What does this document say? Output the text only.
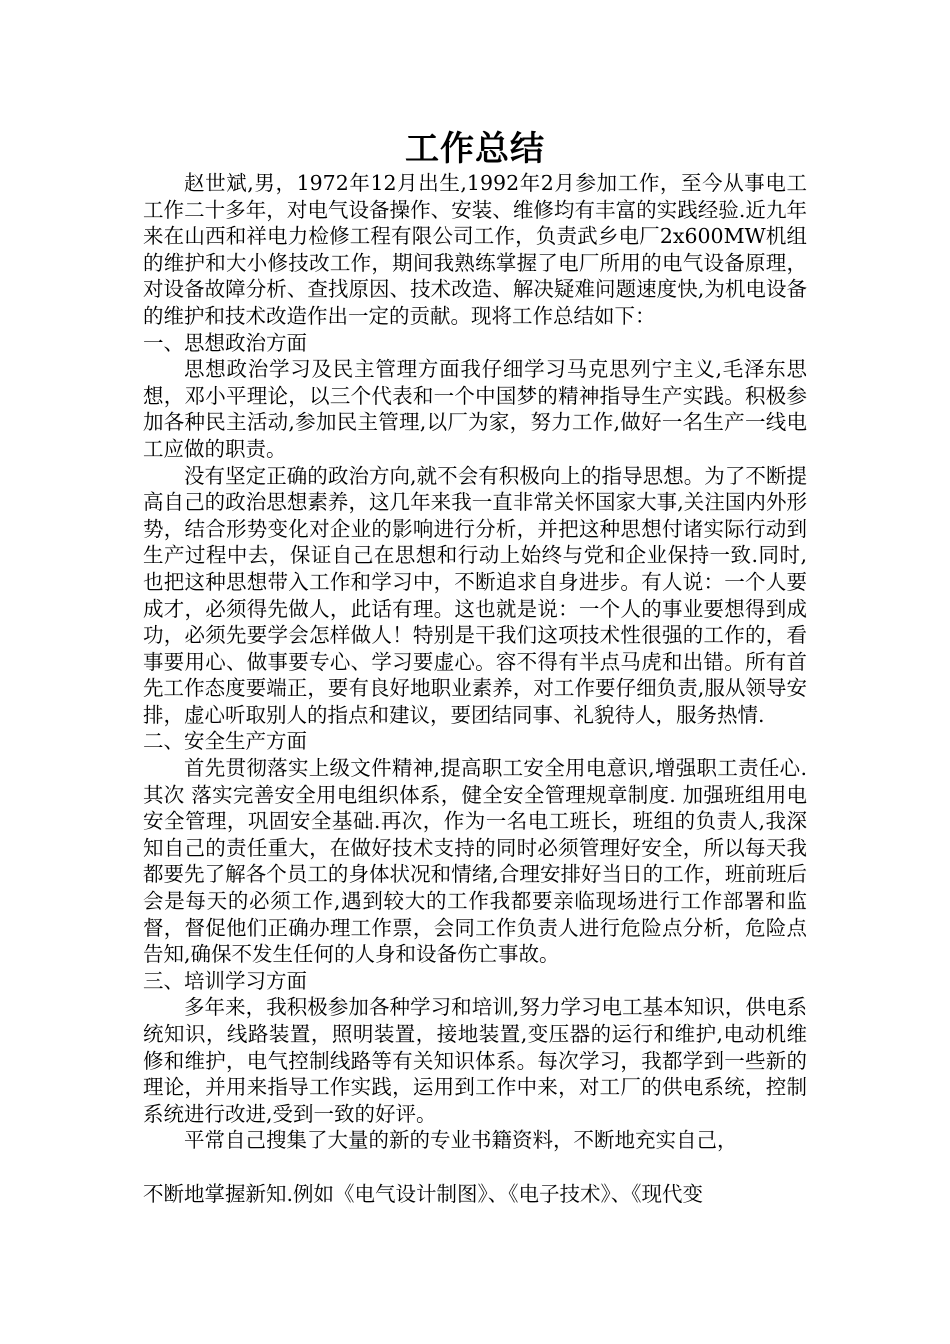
工作总结

赵世斌,男，1972年12月出生,1992年2月参加工作，至今从事电工工作二十多年，对电气设备操作、安装、维修均有丰富的实践经验.近九年来在山西和祥电力检修工程有限公司工作，负责武乡电厂2x600MW机组的维护和大小修技改工作，期间我熟练掌握了电厂所用的电气设备原理，对设备故障分析、查找原因、技术改造、解决疑难问题速度快,为机电设备的维护和技术改造作出一定的贡献。现将工作总结如下：

一、思想政治方面

思想政治学习及民主管理方面我仔细学习马克思列宁主义,毛泽东思想，邓小平理论，以三个代表和一个中国梦的精神指导生产实践。积极参加各种民主活动,参加民主管理,以厂为家，努力工作,做好一名生产一线电工应做的职责。

没有坚定正确的政治方向,就不会有积极向上的指导思想。为了不断提高自己的政治思想素养，这几年来我一直非常关怀国家大事,关注国内外形势，结合形势变化对企业的影响进行分析，并把这种思想付诸实际行动到生产过程中去，保证自己在思想和行动上始终与党和企业保持一致.同时,也把这种思想带入工作和学习中，不断追求自身进步。有人说：一个人要成才，必须得先做人，此话有理。这也就是说：一个人的事业要想得到成功，必须先要学会怎样做人！特别是干我们这项技术性很强的工作的，看事要用心、做事要专心、学习要虚心。容不得有半点马虎和出错。所有首先工作态度要端正，要有良好地职业素养，对工作要仔细负责,服从领导安排，虚心听取别人的指点和建议，要团结同事、礼貌待人，服务热情.

二、安全生产方面

首先贯彻落实上级文件精神,提高职工安全用电意识,增强职工责任心.其次 落实完善安全用电组织体系，健全安全管理规章制度. 加强班组用电安全管理，巩固安全基础.再次，作为一名电工班长，班组的负责人,我深知自己的责任重大，在做好技术支持的同时必须管理好安全，所以每天我都要先了解各个员工的身体状况和情绪,合理安排好当日的工作，班前班后会是每天的必须工作,遇到较大的工作我都要亲临现场进行工作部署和监督，督促他们正确办理工作票，会同工作负责人进行危险点分析，危险点告知,确保不发生任何的人身和设备伤亡事故。

三、培训学习方面

多年来，我积极参加各种学习和培训,努力学习电工基本知识，供电系统知识，线路装置，照明装置，接地装置,变压器的运行和维护,电动机维修和维护，电气控制线路等有关知识体系。每次学习，我都学到一些新的理论，并用来指导工作实践，运用到工作中来，对工厂的供电系统，控制系统进行改进,受到一致的好评。

平常自己搜集了大量的新的专业书籍资料，不断地充实自己，

不断地掌握新知.例如《电气设计制图》、《电子技术》、《现代变
